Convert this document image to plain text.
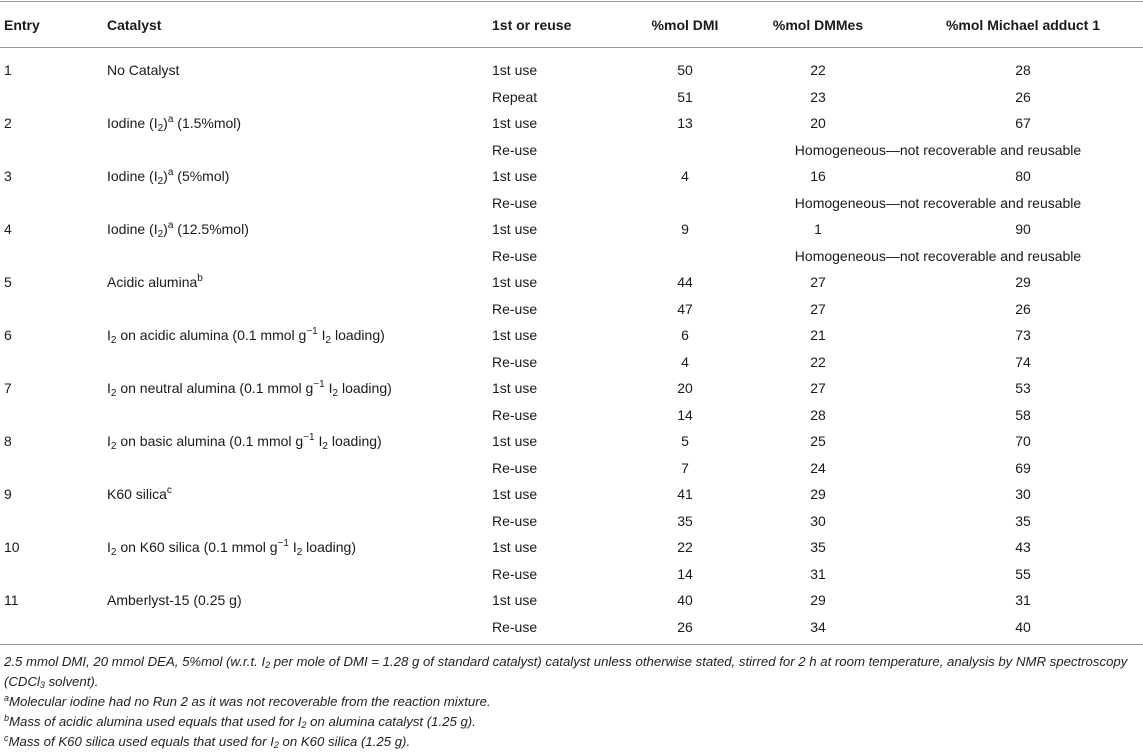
Entry	Catalyst	1st or reuse	%mol DMI	%mol DMMes	%mol Michael adduct 1
1	No Catalyst	1st use	50	22	28
		Repeat	51	23	26
2	Iodine $(I_2)^a$ (1.5%mol)	1st use	13	20	67
		Re-use		Homogeneous—not recoverable and reusable	
3	Iodine $(I_2)^a$ (5%mol)	1st use	4	16	80
		Re-use		Homogeneous—not recoverable and reusable	
4	Iodine $(I_2)^a$ (12.5%mol)	1st use	9	1	90
		Re-use		Homogeneous—not recoverable and reusable	
5	Acidic alumina$^b$	1st use	44	27	29
		Re-use	47	27	26
6	$I_2$ on acidic alumina (0.1 mmol $g^{-1}$ $I_2$ loading)	1st use	6	21	73
		Re-use	4	22	74
7	$I_2$ on neutral alumina (0.1 mmol $g^{-1}$ $I_2$ loading)	1st use	20	27	53
		Re-use	14	28	58
8	$I_2$ on basic alumina (0.1 mmol $g^{-1}$ $I_2$ loading)	1st use	5	25	70
		Re-use	7	24	69
9	K60 silica$^c$	1st use	41	29	30
		Re-use	35	30	35
10	$I_2$ on K60 silica (0.1 mmol $g^{-1}$ $I_2$ loading)	1st use	22	35	43
		Re-use	14	31	55
11	Amberlyst-15 (0.25 g)	1st use	40	29	31
		Re-use	26	34	40

2.5 mmol DMI, 20 mmol DEA, 5%mol (w.r.t. $I_2$ per mole of DMI = 1.28 g of standard catalyst) catalyst unless otherwise stated, stirred for 2 h at room temperature, analysis by NMR spectroscopy (CDCl$_3$ solvent).

$^a$Molecular iodine had no Run 2 as it was not recoverable from the reaction mixture.

$^b$Mass of acidic alumina used equals that used for $I_2$ on alumina catalyst (1.25 g).

$^c$Mass of K60 silica used equals that used for $I_2$ on K60 silica (1.25 g).
